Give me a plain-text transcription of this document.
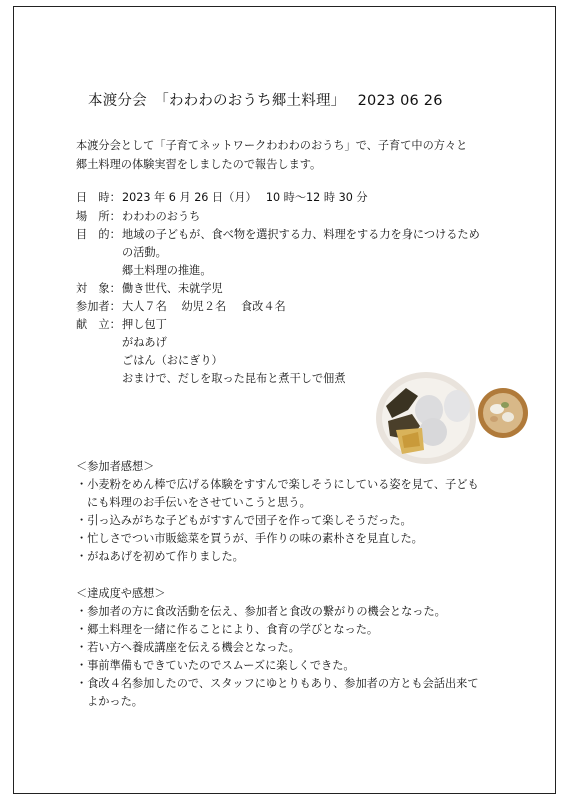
本渡分会　「わわわのおうち郷土料理」　 2023 06 26
本渡分会として「子育てネットワークわわわのおうち」で、子育て中の方々と
郷土料理の体験実習をしましたので報告します。
日　時： 2023 年 6 月 26 日（月）　 10 時〜12 時 30 分
場　所： わわわのおうち
目　的： 地域の子どもが、食べ物を選択する力、料理をする力を身につけるため
の活動。
郷土料理の推進。
対　象： 働き世代、未就学児
参加者： 大人７名　 幼児２名　 食改４名
献　立： 押し包丁
がねあげ
ごはん（おにぎり）
おまけで、だしを取った昆布と煮干しで佃煮
＜参加者感想＞
・小麦粉をめん棒で広げる体験をすすんで楽しそうにしている姿を見て、子ども
にも料理のお手伝いをさせていこうと思う。
・引っ込みがちな子どもがすすんで団子を作って楽しそうだった。
・忙しさでつい市販総菜を買うが、手作りの味の素朴さを見直した。
・がねあげを初めて作りました。
＜達成度や感想＞
・参加者の方に食改活動を伝え、参加者と食改の繋がりの機会となった。
・郷土料理を一緒に作ることにより、食育の学びとなった。
・若い方へ養成講座を伝える機会となった。
・事前準備もできていたのでスムーズに楽しくできた。
・食改４名参加したので、スタッフにゆとりもあり、参加者の方とも会話出来て
よかった。
